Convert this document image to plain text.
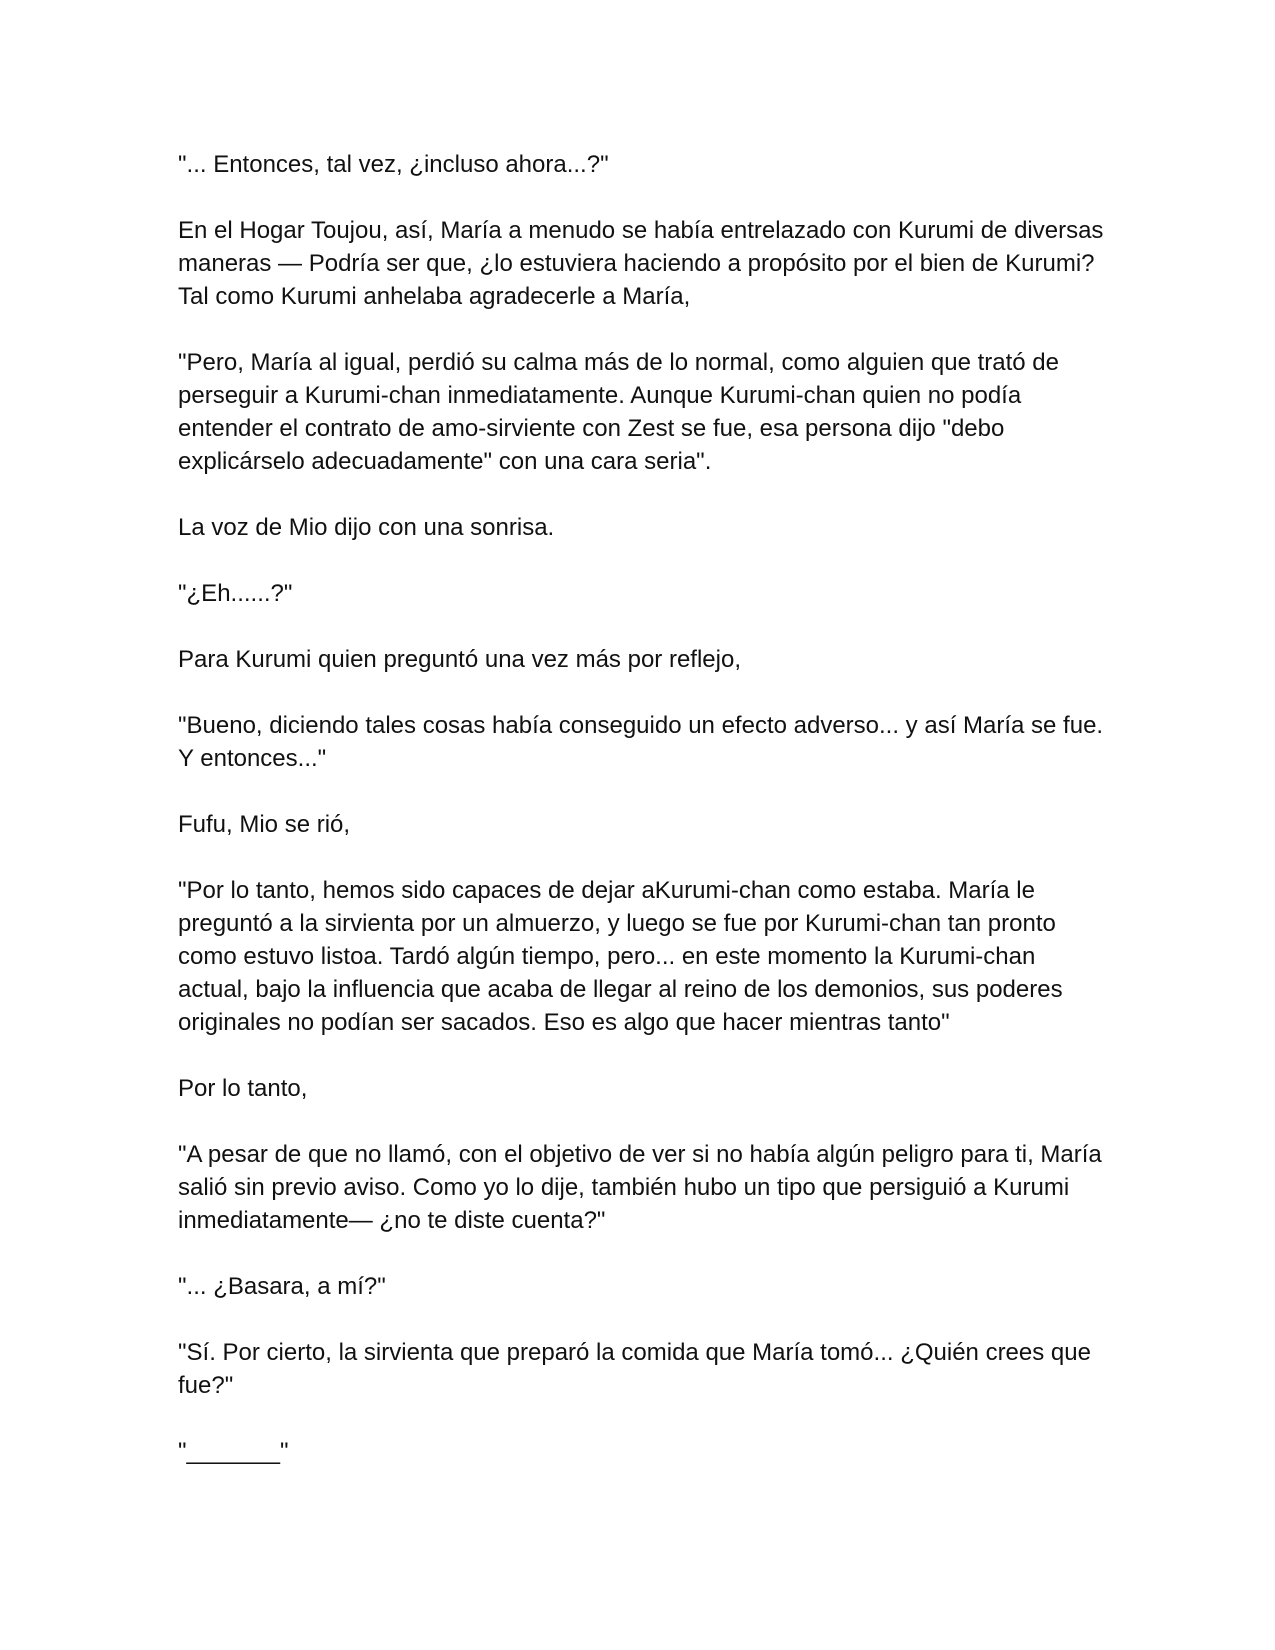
"... Entonces, tal vez, ¿incluso ahora...?"

En el Hogar Toujou, así, María a menudo se había entrelazado con Kurumi de diversas maneras — Podría ser que, ¿lo estuviera haciendo a propósito por el bien de Kurumi? Tal como Kurumi anhelaba agradecerle a María,

"Pero, María al igual, perdió su calma más de lo normal, como alguien que trató de perseguir a Kurumi-chan inmediatamente. Aunque Kurumi-chan quien no podía entender el contrato de amo-sirviente con Zest se fue, esa persona dijo "debo explicárselo adecuadamente" con una cara seria".

La voz de Mio dijo con una sonrisa.

"¿Eh......?"

Para Kurumi quien preguntó una vez más por reflejo,

"Bueno, diciendo tales cosas había conseguido un efecto adverso... y así María se fue. Y entonces..."

Fufu, Mio se rió,

"Por lo tanto, hemos sido capaces de dejar aKurumi-chan como estaba. María le preguntó a la sirvienta por un almuerzo, y luego se fue por Kurumi-chan tan pronto como estuvo listoa. Tardó algún tiempo, pero... en este momento la Kurumi-chan actual, bajo la influencia que acaba de llegar al reino de los demonios, sus poderes originales no podían ser sacados. Eso es algo que hacer mientras tanto"

Por lo tanto,

"A pesar de que no llamó, con el objetivo de ver si no había algún peligro para ti, María salió sin previo aviso. Como yo lo dije, también hubo un tipo que persiguió a Kurumi inmediatamente— ¿no te diste cuenta?"

"... ¿Basara, a mí?"

"Sí. Por cierto, la sirvienta que preparó la comida que María tomó... ¿Quién crees que fue?"

"_______"
